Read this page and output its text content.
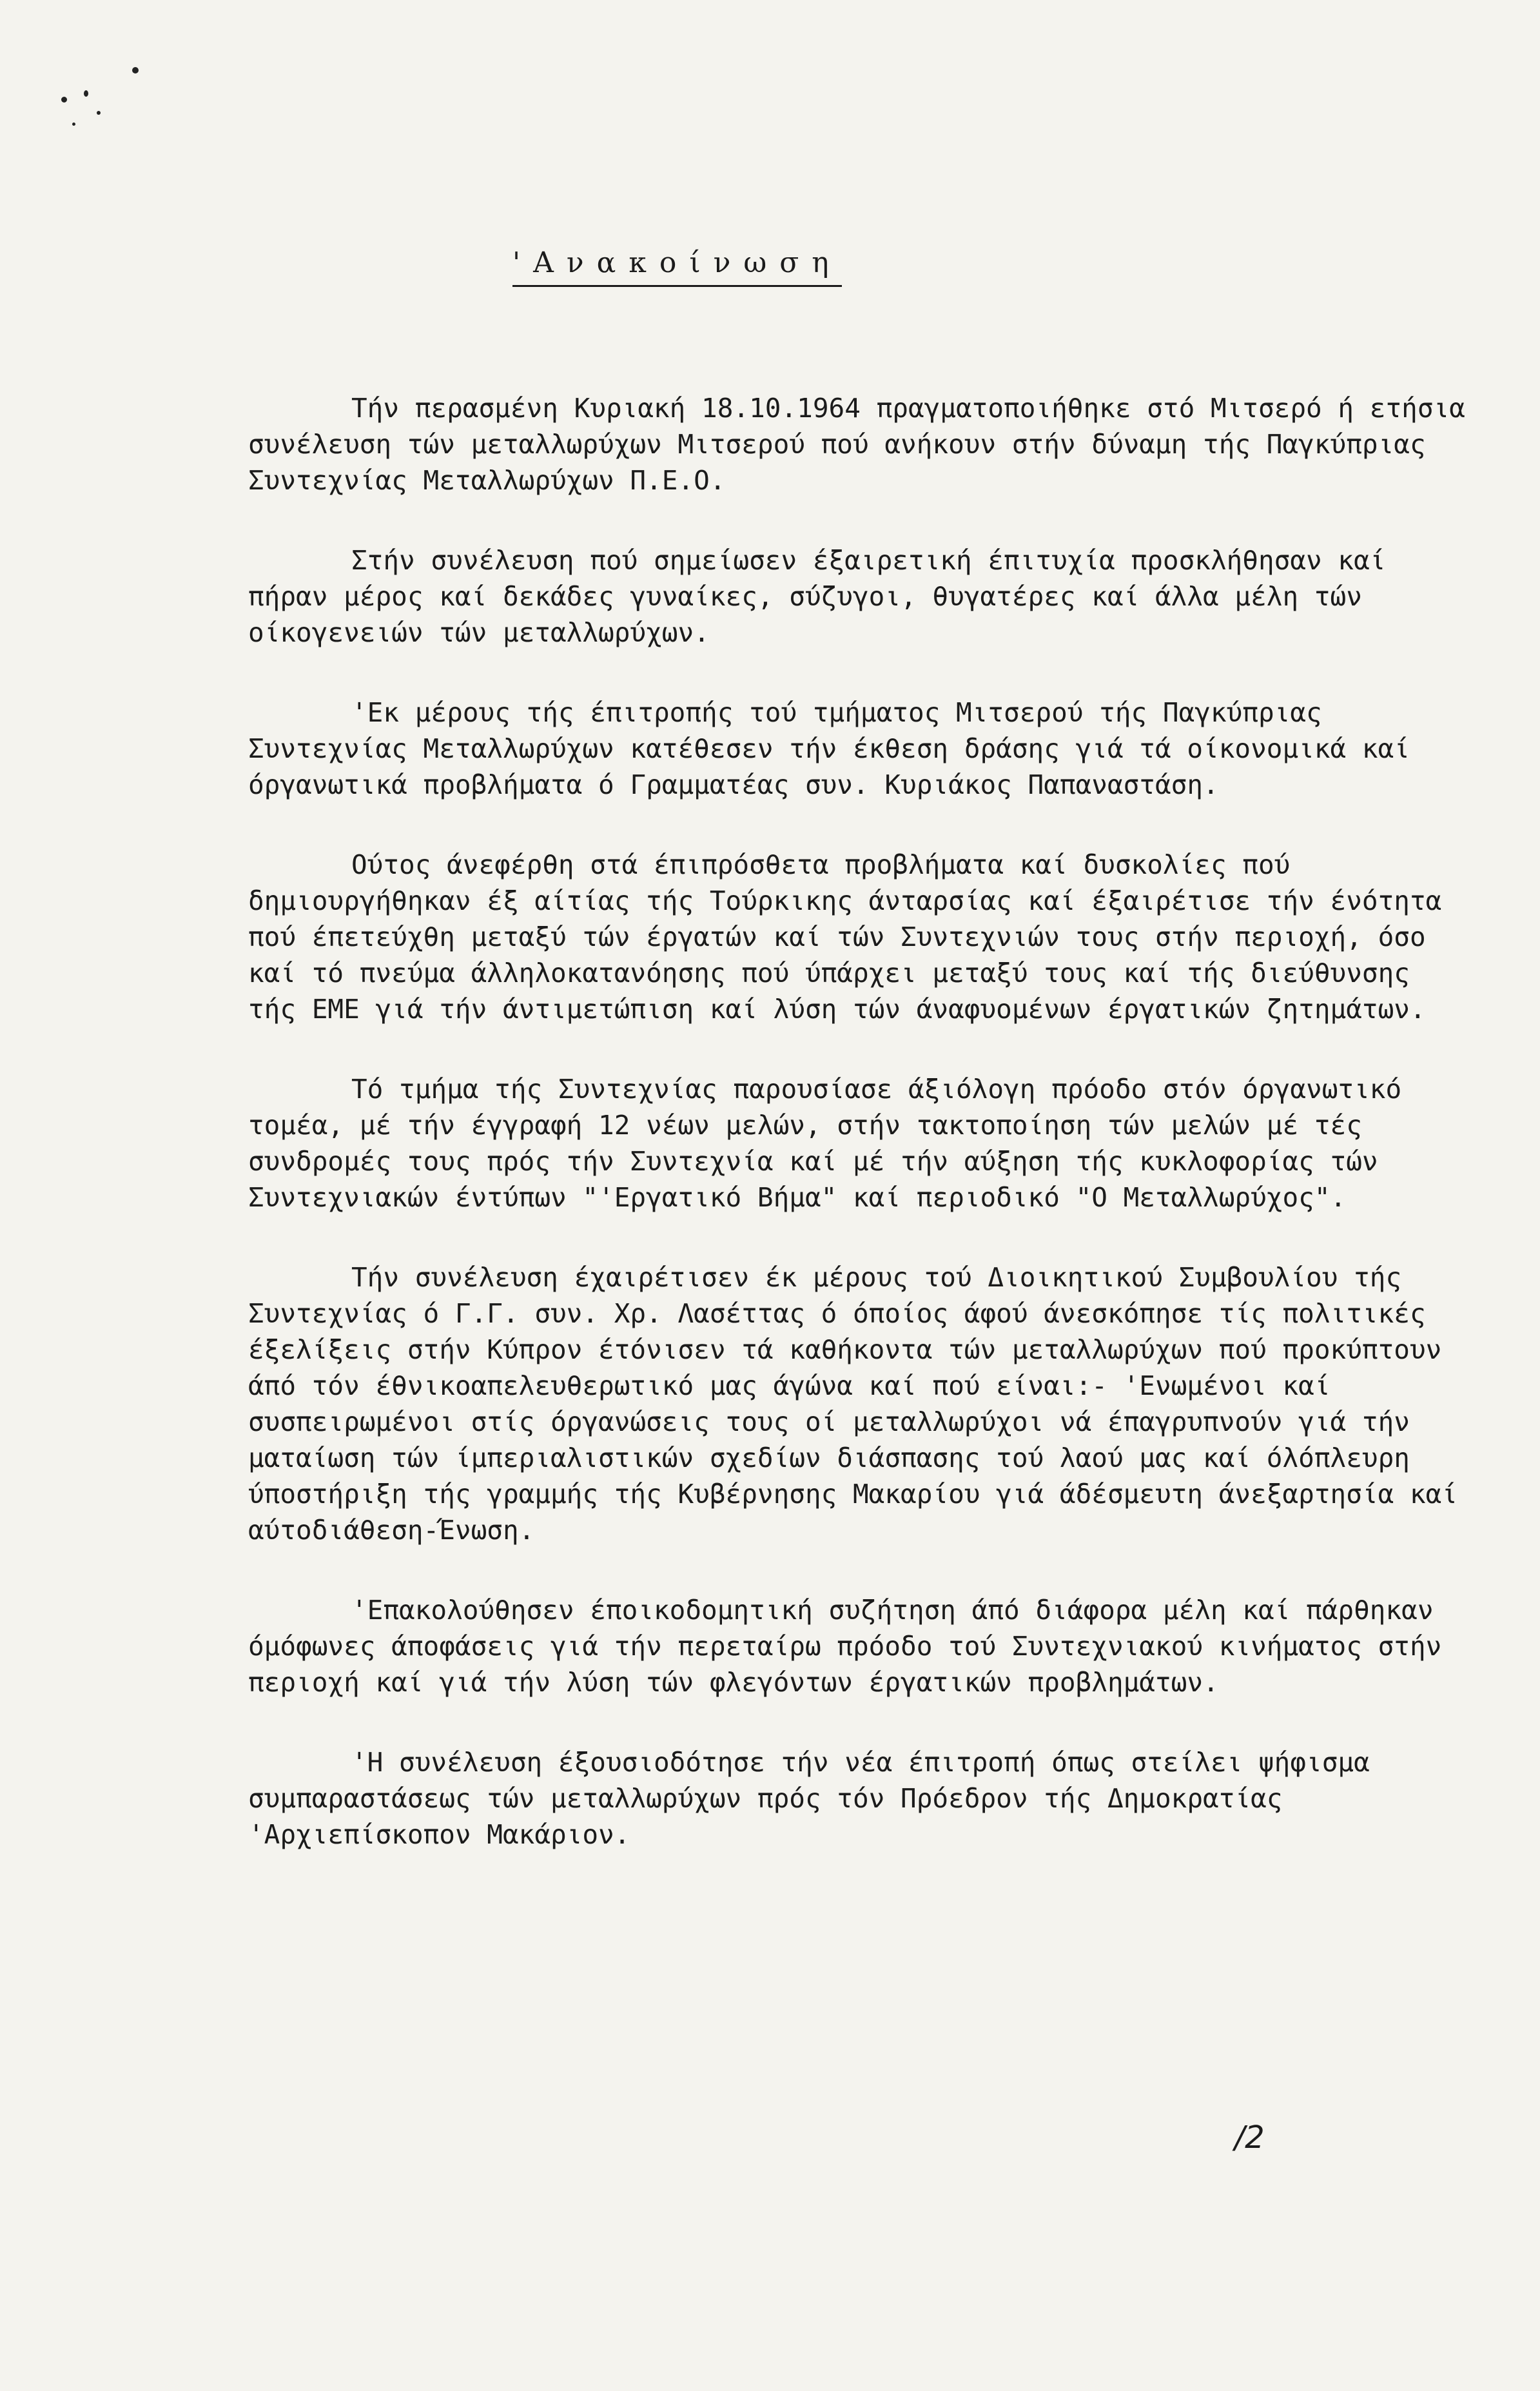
'Ανακοίνωση

Τήν περασμένη Κυριακή 18.10.1964 πραγματοποιήθηκε στό Μιτσερό ή ετήσια συνέλευση τών μεταλλωρύχων Μιτσερού πού ανήκουν στήν δύναμη τής Παγκύπριας Συντεχνίας Μεταλλωρύχων Π.Ε.Ο.

Στήν συνέλευση πού σημείωσεν έξαιρετική έπιτυχία προσκλήθησαν καί πήραν μέρος καί δεκάδες γυναίκες, σύζυγοι, θυγατέρες καί άλλα μέλη τών οίκογενειών τών μεταλλωρύχων.

'Εκ μέρους τής έπιτροπής τού τμήματος Μιτσερού τής Παγκύπριας Συντεχνίας Μεταλλωρύχων κατέθεσεν τήν έκθεση δράσης γιά τά οίκονομικά καί όργανωτικά προβλήματα ό Γραμματέας συν. Κυριάκος Παπαναστάση.

Ούτος άνεφέρθη στά έπιπρόσθετα προβλήματα καί δυσκολίες πού δημιουργήθηκαν έξ αίτίας τής Τούρκικης άνταρσίας καί έξαιρέτισε τήν ένότητα πού έπετεύχθη μεταξύ τών έργατών καί τών Συντεχνιών τους στήν περιοχή, όσο καί τό πνεύμα άλληλοκατανόησης πού ύπάρχει μεταξύ τους καί τής διεύθυνσης τής ΕΜΕ γιά τήν άντιμετώπιση καί λύση τών άναφυομένων έργατικών ζητημάτων.

Τό τμήμα τής Συντεχνίας παρουσίασε άξιόλογη πρόοδο στόν όργανωτικό τομέα, μέ τήν έγγραφή 12 νέων μελών, στήν τακτοποίηση τών μελών μέ τές συνδρομές τους πρός τήν Συντεχνία καί μέ τήν αύξηση τής κυκλοφορίας τών Συντεχνιακών έντύπων "'Εργατικό Βήμα" καί περιοδικό "Ο Μεταλλωρύχος".

Τήν συνέλευση έχαιρέτισεν έκ μέρους τού Διοικητικού Συμβουλίου τής Συντεχνίας ό Γ.Γ. συν. Χρ. Λασέττας ό όποίος άφού άνεσκόπησε τίς πολιτικές έξελίξεις στήν Κύπρον έτόνισεν τά καθήκοντα τών μεταλλωρύχων πού προκύπτουν άπό τόν έθνικοαπελευθερωτικό μας άγώνα καί πού είναι:- 'Ενωμένοι καί συσπειρωμένοι στίς όργανώσεις τους οί μεταλλωρύχοι νά έπαγρυπνούν γιά τήν ματαίωση τών ίμπεριαλιστικών σχεδίων διάσπασης τού λαού μας καί όλόπλευρη ύποστήριξη τής γραμμής τής Κυβέρνησης Μακαρίου γιά άδέσμευτη άνεξαρτησία καί αύτοδιάθεση-Ένωση.

'Επακολούθησεν έποικοδομητική συζήτηση άπό διάφορα μέλη καί πάρθηκαν όμόφωνες άποφάσεις γιά τήν περεταίρω πρόοδο τού Συντεχνιακού κινήματος στήν περιοχή καί γιά τήν λύση τών φλεγόντων έργατικών προβλημάτων.

'Η συνέλευση έξουσιοδότησε τήν νέα έπιτροπή όπως στείλει ψήφισμα συμπαραστάσεως τών μεταλλωρύχων πρός τόν Πρόεδρον τής Δημοκρατίας 'Αρχιεπίσκοπον Μακάριον.

/2
